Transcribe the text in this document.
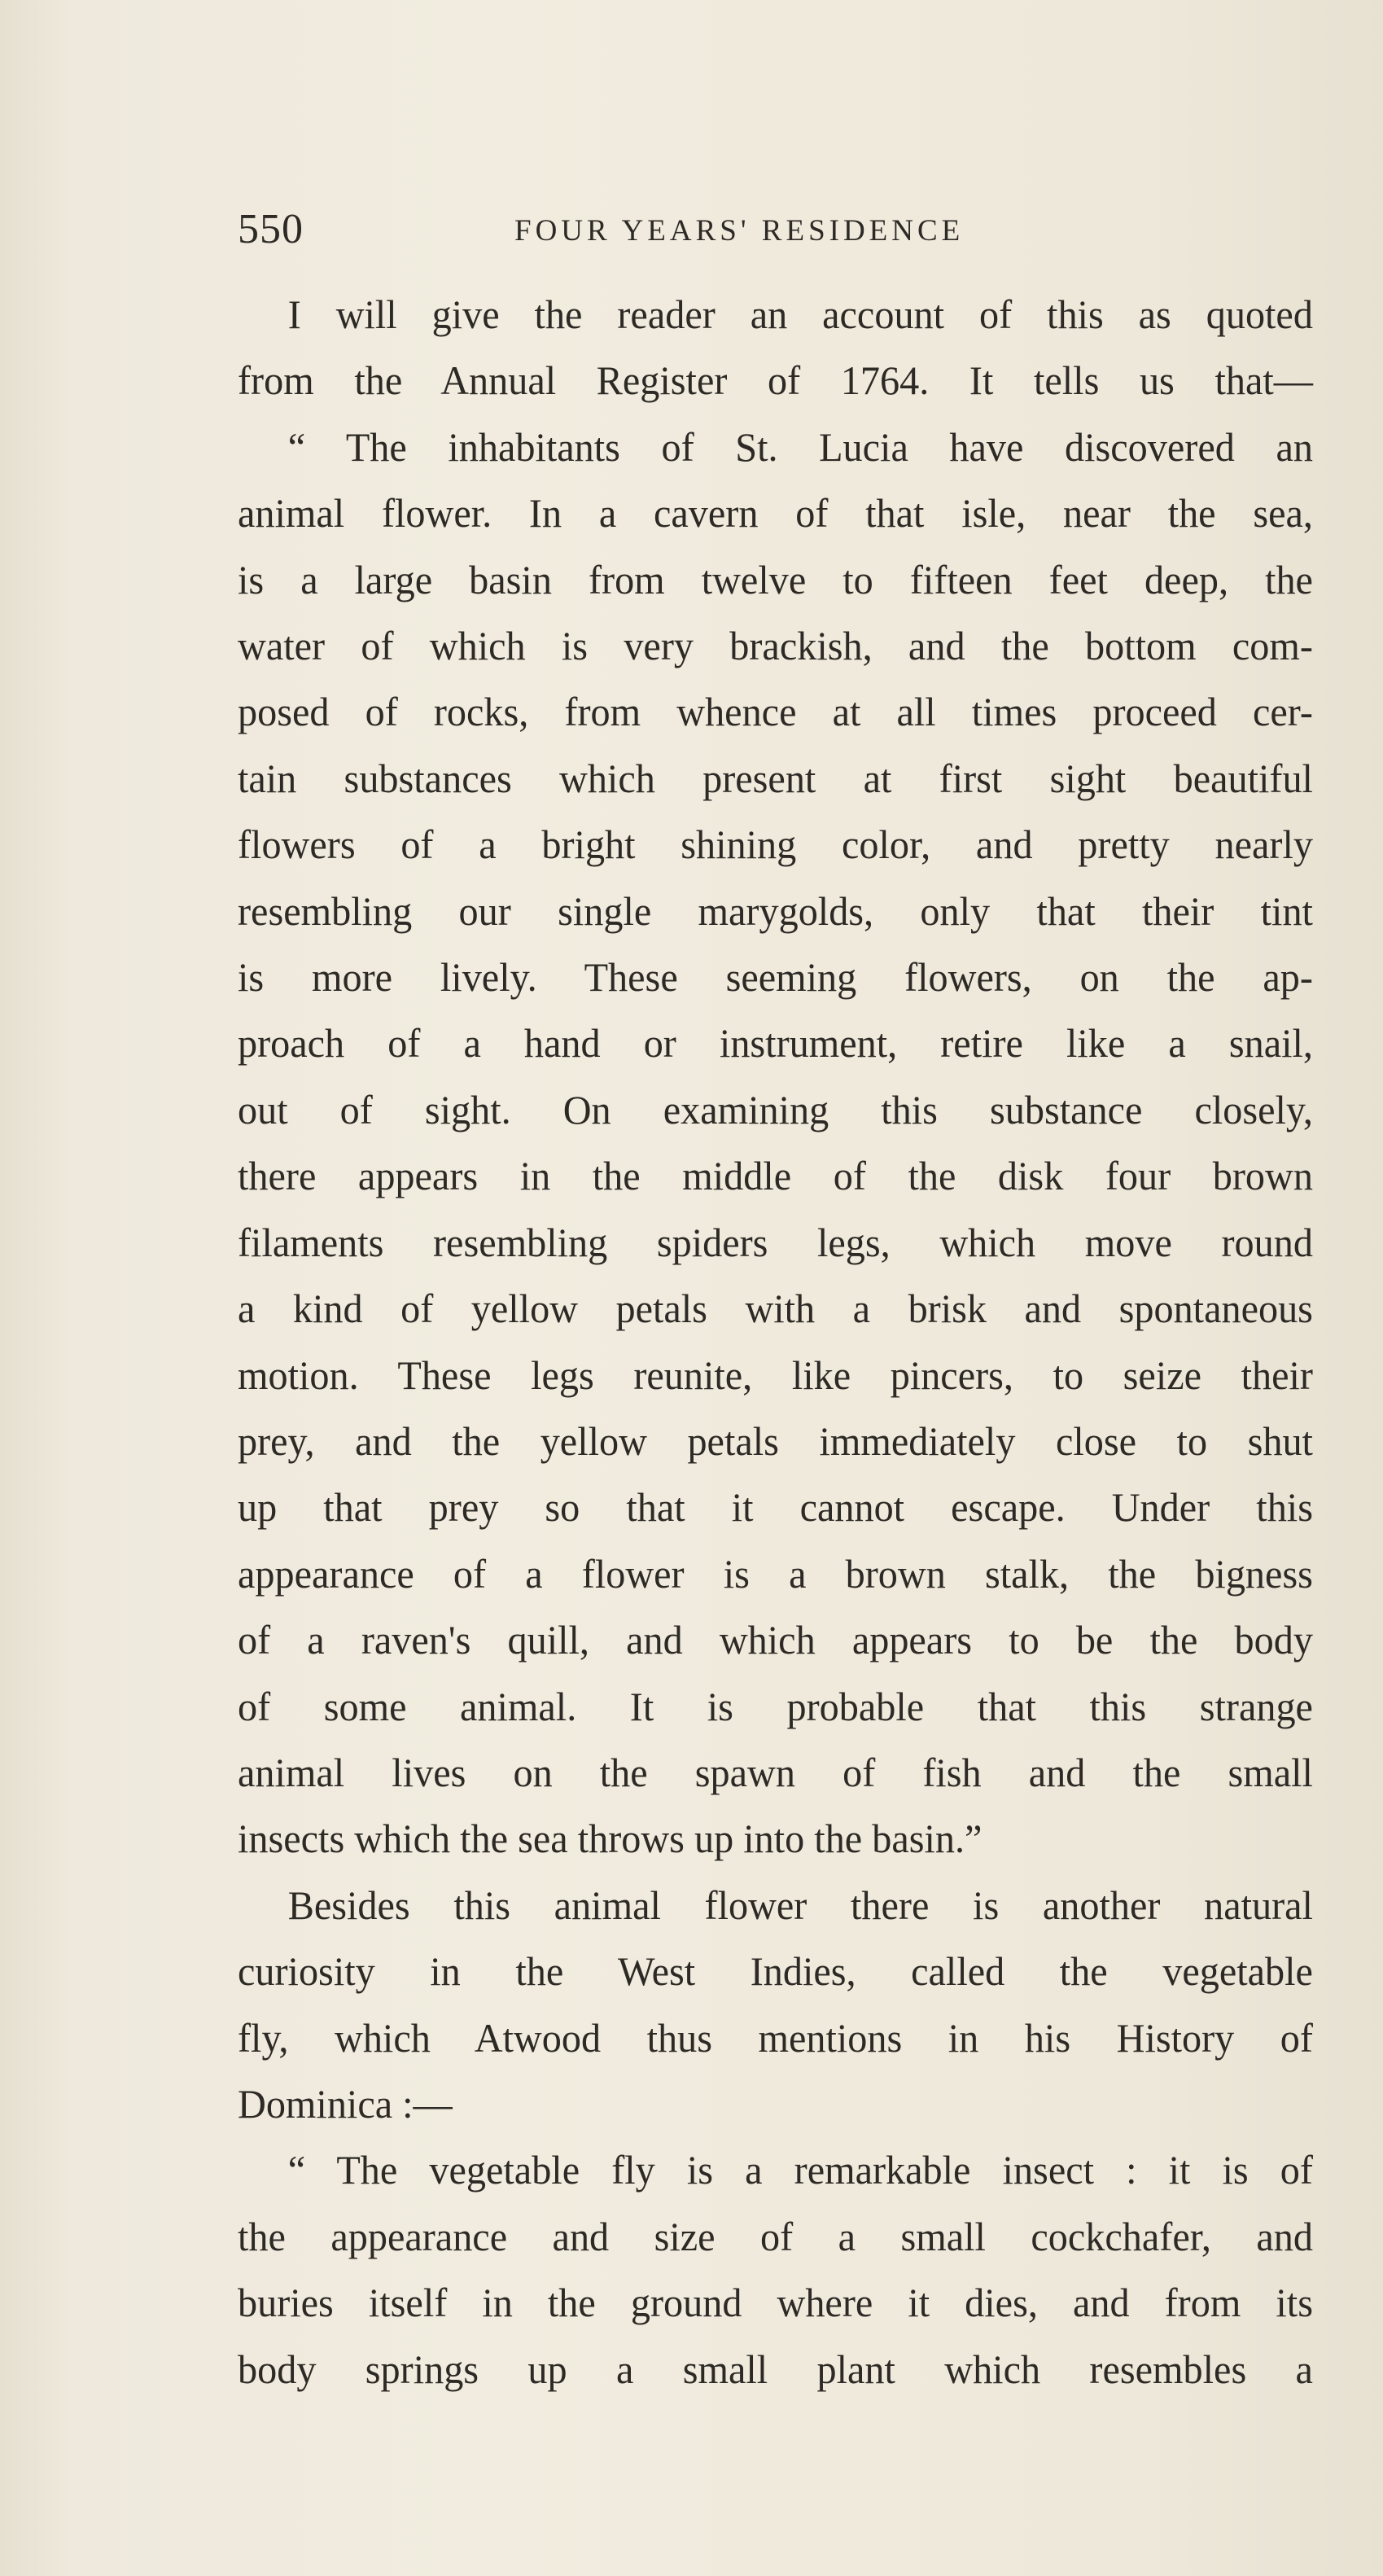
550	FOUR YEARS' RESIDENCE
I will give the reader an account of this as quoted
from the Annual Register of 1764. It tells us that—
“ The inhabitants of St. Lucia have discovered an
animal flower. In a cavern of that isle, near the sea,
is a large basin from twelve to fifteen feet deep, the
water of which is very brackish, and the bottom com-
posed of rocks, from whence at all times proceed cer-
tain substances which present at first sight beautiful
flowers of a bright shining color, and pretty nearly
resembling our single marygolds, only that their tint
is more lively. These seeming flowers, on the ap-
proach of a hand or instrument, retire like a snail,
out of sight. On examining this substance closely,
there appears in the middle of the disk four brown
filaments resembling spiders legs, which move round
a kind of yellow petals with a brisk and spontaneous
motion. These legs reunite, like pincers, to seize their
prey, and the yellow petals immediately close to shut
up that prey so that it cannot escape. Under this
appearance of a flower is a brown stalk, the bigness
of a raven's quill, and which appears to be the body
of some animal. It is probable that this strange
animal lives on the spawn of fish and the small
insects which the sea throws up into the basin.”
Besides this animal flower there is another natural
curiosity in the West Indies, called the vegetable
fly, which Atwood thus mentions in his History of
Dominica :—
“ The vegetable fly is a remarkable insect : it is of
the appearance and size of a small cockchafer, and
buries itself in the ground where it dies, and from its
body springs up a small plant which resembles a
